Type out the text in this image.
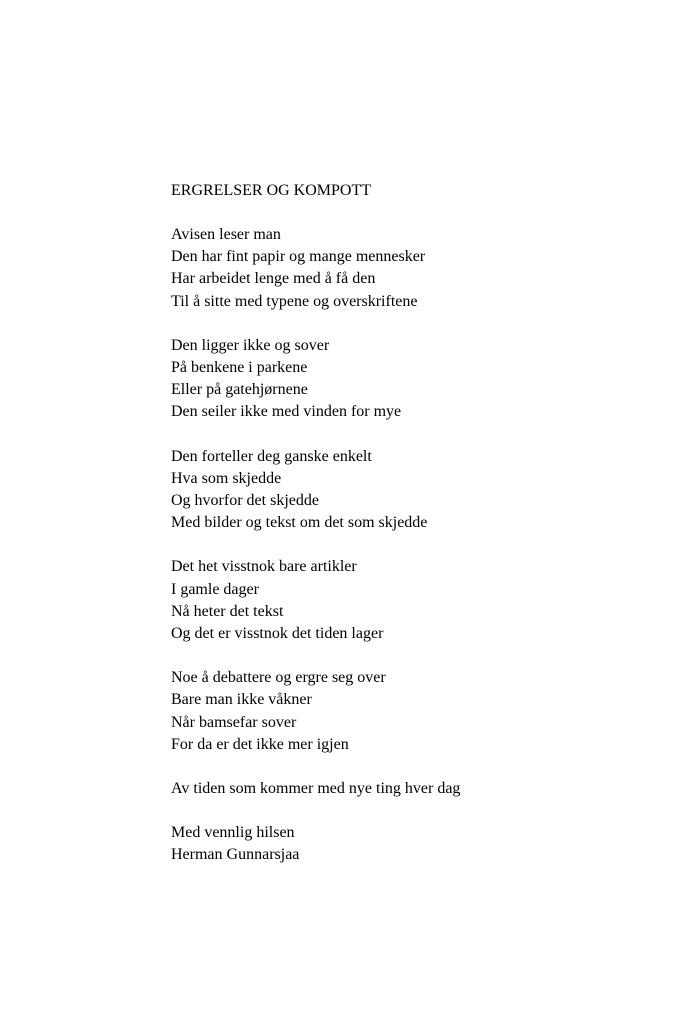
ERGRELSER OG KOMPOTT
Avisen leser man
Den har fint papir og mange mennesker
Har arbeidet lenge med å få den
Til å sitte med typene og overskriftene
Den ligger ikke og sover
På benkene i parkene
Eller på gatehjørnene
Den seiler ikke med vinden for mye
Den forteller deg ganske enkelt
Hva som skjedde
Og hvorfor det skjedde
Med bilder og tekst om det som skjedde
Det het visstnok bare artikler
I gamle dager
Nå heter det tekst
Og det er visstnok det tiden lager
Noe å debattere og ergre seg over
Bare man ikke våkner
Når bamsefar sover
For da er det ikke mer igjen
Av tiden som kommer med nye ting hver dag
Med vennlig hilsen
Herman Gunnarsjaa
